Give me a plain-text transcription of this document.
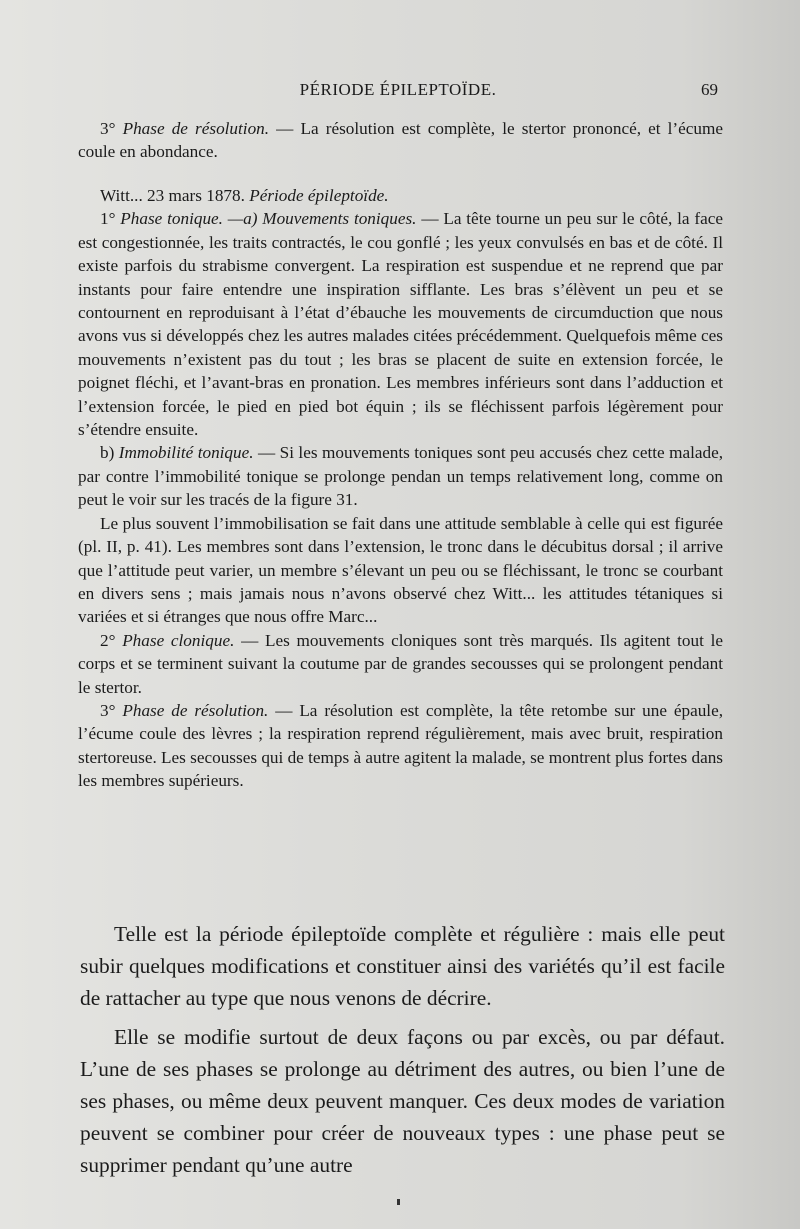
PÉRIODE ÉPILEPTOÏDE.	69

3° Phase de résolution. — La résolution est complète, le stertor prononcé, et l’écume coule en abondance.

Witt... 23 mars 1878. Période épileptoïde.

1° Phase tonique. —a) Mouvements toniques. — La tête tourne un peu sur le côté, la face est congestionnée, les traits contractés, le cou gonflé ; les yeux convulsés en bas et de côté. Il existe parfois du strabisme convergent. La respiration est suspendue et ne reprend que par instants pour faire entendre une inspiration sifflante. Les bras s’élèvent un peu et se contournent en reproduisant à l’état d’ébauche les mouvements de circumduction que nous avons vus si développés chez les autres malades citées précédemment. Quelquefois même ces mouvements n’existent pas du tout ; les bras se placent de suite en extension forcée, le poignet fléchi, et l’avant-bras en pronation. Les membres inférieurs sont dans l’adduction et l’extension forcée, le pied en pied bot équin ; ils se fléchissent parfois légèrement pour s’étendre ensuite.

b) Immobilité tonique. — Si les mouvements toniques sont peu accusés chez cette malade, par contre l’immobilité tonique se prolonge pendan un temps relativement long, comme on peut le voir sur les tracés de la figure 31.

Le plus souvent l’immobilisation se fait dans une attitude semblable à celle qui est figurée (pl. II, p. 41). Les membres sont dans l’extension, le tronc dans le décubitus dorsal ; il arrive que l’attitude peut varier, un membre s’élevant un peu ou se fléchissant, le tronc se courbant en divers sens ; mais jamais nous n’avons observé chez Witt... les attitudes tétaniques si variées et si étranges que nous offre Marc...

2° Phase clonique. — Les mouvements cloniques sont très marqués. Ils agitent tout le corps et se terminent suivant la coutume par de grandes secousses qui se prolongent pendant le stertor.

3° Phase de résolution. — La résolution est complète, la tête retombe sur une épaule, l’écume coule des lèvres ; la respiration reprend régulièrement, mais avec bruit, respiration stertoreuse. Les secousses qui de temps à autre agitent la malade, se montrent plus fortes dans les membres supérieurs.

Telle est la période épileptoïde complète et régulière : mais elle peut subir quelques modifications et constituer ainsi des variétés qu’il est facile de rattacher au type que nous venons de décrire.

Elle se modifie surtout de deux façons ou par excès, ou par défaut. L’une de ses phases se prolonge au détriment des autres, ou bien l’une de ses phases, ou même deux peuvent manquer. Ces deux modes de variation peuvent se combiner pour créer de nouveaux types : une phase peut se supprimer pendant qu’une autre
